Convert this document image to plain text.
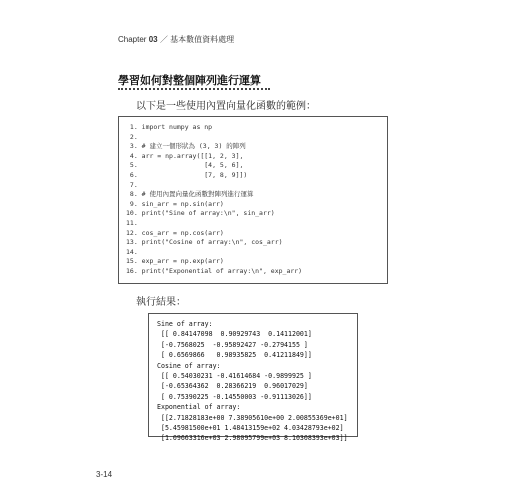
Chapter 03 ／ 基本數值資料處理
學習如何對整個陣列進行運算
以下是一些使用內置向量化函數的範例：
1. import numpy as np
2.
3. # 建立一個形狀為 (3, 3) 的陣列
4. arr = np.array([[1, 2, 3],
5.                 [4, 5, 6],
6.                 [7, 8, 9]])
7.
8. # 使用內置向量化函數對陣列進行運算
9. sin_arr = np.sin(arr)
10. print("Sine of array:\n", sin_arr)
11.
12. cos_arr = np.cos(arr)
13. print("Cosine of array:\n", cos_arr)
14.
15. exp_arr = np.exp(arr)
16. print("Exponential of array:\n", exp_arr)
執行結果：
Sine of array:
[[ 0.84147098  0.90929743  0.14112001]
[-0.7568025  -0.95892427 -0.2794155 ]
[ 0.6569866   0.98935825  0.41211849]]
Cosine of array:
[[ 0.54030231 -0.41614684 -0.9899925 ]
[-0.65364362  0.28366219  0.96017029]
[ 0.75390225 -0.14550003 -0.91113026]]
Exponential of array:
[[2.71828183e+00 7.38905610e+00 2.00855369e+01]
[5.45981500e+01 1.48413159e+02 4.03428793e+02]
[1.09663316e+03 2.98095799e+03 8.10308393e+03]]
3-14
